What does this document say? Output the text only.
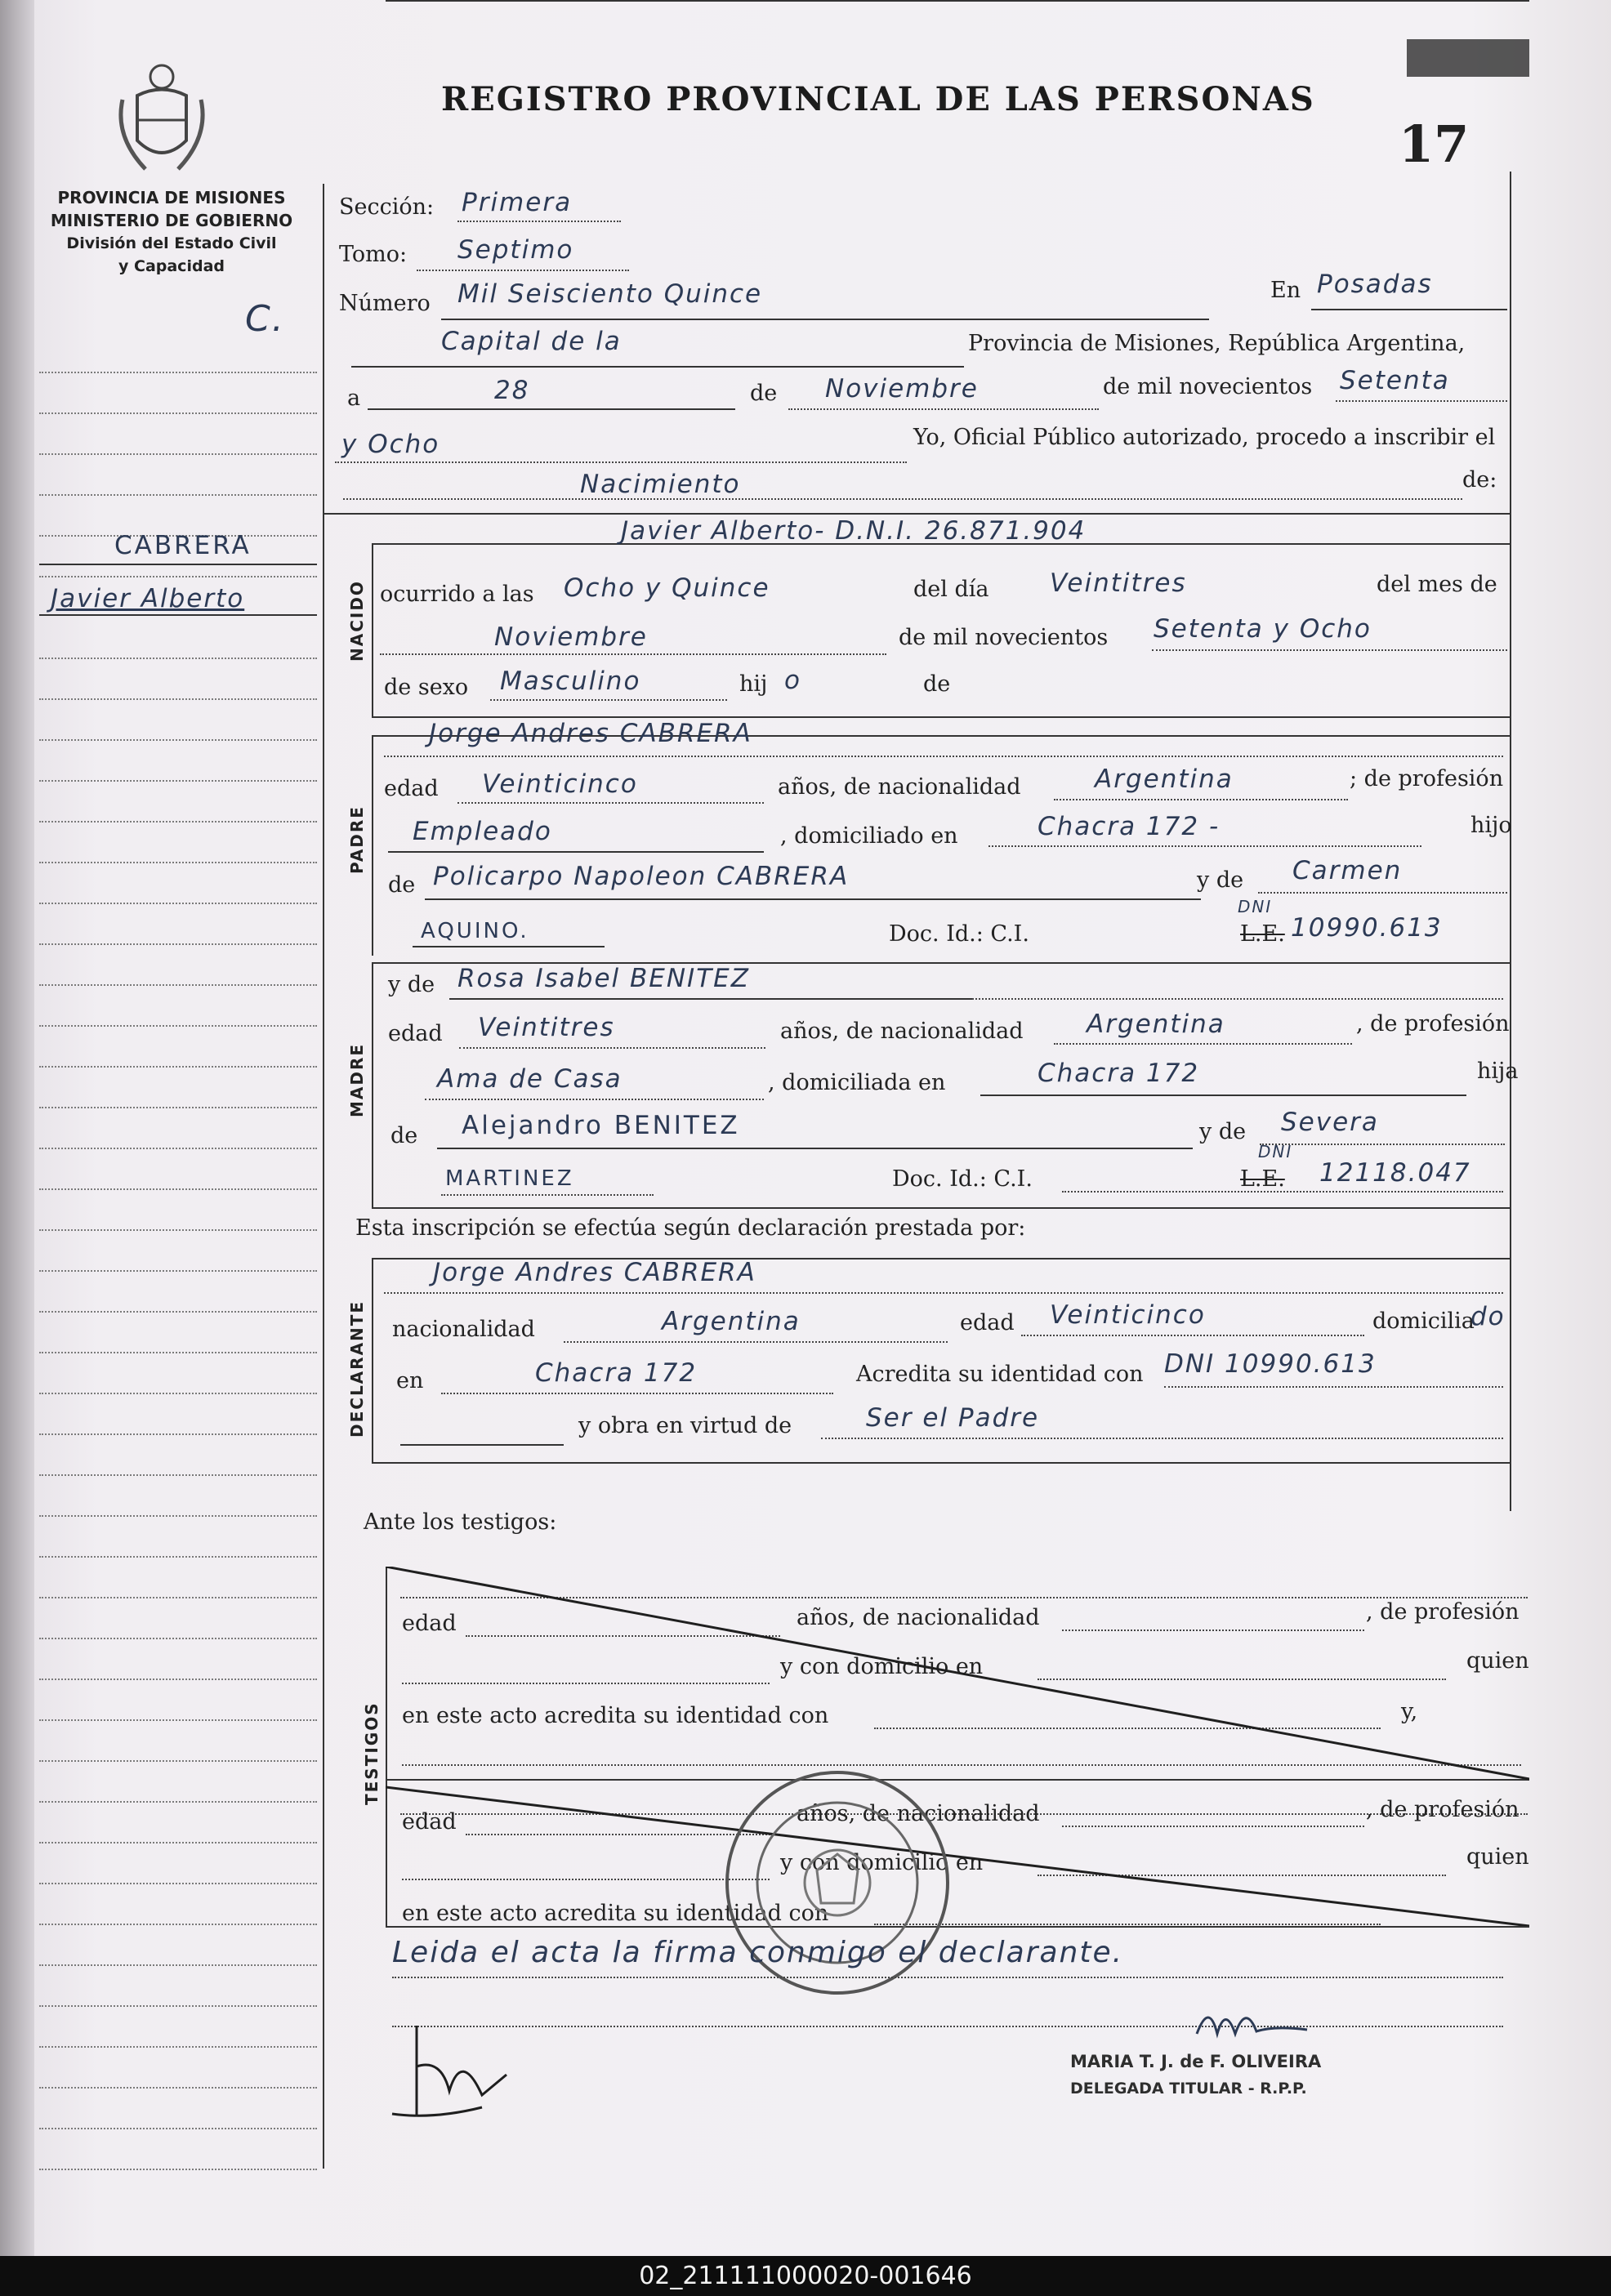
PROVINCIA DE MISIONES
MINISTERIO DE GOBIERNO
División del Estado Civil
y Capacidad
C.
REGISTRO PROVINCIAL DE LAS PERSONAS
17
Sección: Primera
Tomo: Septimo
Número Mil Seisciento Quince	En Posadas
Capital de la	Provincia de Misiones, República Argentina,
a	28	de Noviembre	de mil novecientos Setenta
y Ocho	Yo, Oficial Público autorizado, procedo a inscribir el
Nacimiento	de:
CABRERA
Javier Alberto	NACIDO
Javier Alberto- D.N.I. 26.871.904
ocurrido a las Ocho y Quince	del día Veintitres	del mes de
Noviembre	de mil novecientos Setenta y Ocho
de sexo Masculino	hij o	de
PADRE
Jorge Andres CABRERA
edad Veinticinco	años, de nacionalidad	Argentina	; de profesión
Empleado	, domiciliado en	Chacra 172 -	hijo
de Policarpo Napoleon CABRERA	y de Carmen
AQUINO.	Doc. Id.: C.I.
DNI
L.E. 10990.613
MADRE
y de Rosa Isabel BENITEZ
edad Veintitres	años, de nacionalidad Argentina	, de profesión
Ama de Casa	, domiciliada en	Chacra 172	hija
de Alejandro BENITEZ	y de Severa
MARTINEZ	Doc. Id.: C.I.
DNI
L.E. 12118.047
Esta inscripción se efectúa según declaración prestada por:
DECLARANTE
Jorge Andres CABRERA
nacionalidad	Argentina	edad Veinticinco	domicilia
do
en	Chacra 172	Acredita su identidad con DNI 10990.613
y obra en virtud de	Ser el Padre
Ante los testigos:
TESTIGOS
edad	años, de nacionalidad	, de profesión
y con domicilio en	quien
en este acto acredita su identidad con	y,
edad	años, de nacionalidad	, de profesión
y con domicilio en	quien
en este acto acredita su identidad con
Leida el acta la firma conmigo el declarante.
MARIA T. J. de F. OLIVEIRA
DELEGADA TITULAR - R.P.P.
02_211111000020-001646
